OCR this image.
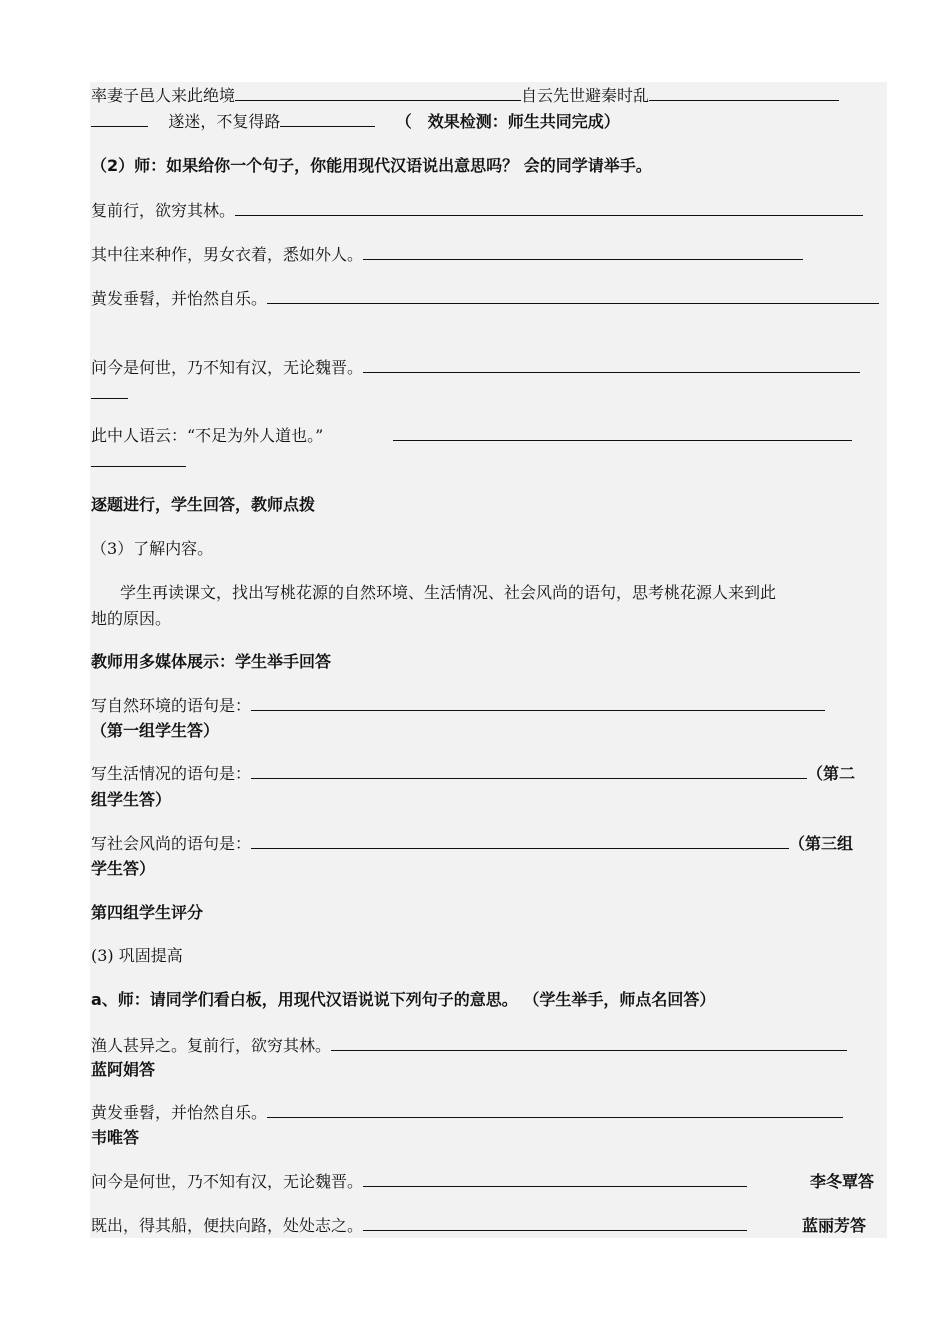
率妻子邑人来此绝境	自云先世避秦时乱
遂迷，不复得路	（　效果检测：师生共同完成）
（2）师：如果给你一个句子，你能用现代汉语说出意思吗？ 会的同学请举手。
复前行，欲穷其林。
其中往来种作，男女衣着，悉如外人。
黄发垂髫，并怡然自乐。
问今是何世，乃不知有汉，无论魏晋。
此中人语云：“不足为外人道也。”
逐题进行，学生回答，教师点拨
（3）了解内容。
学生再读课文，找出写桃花源的自然环境、生活情况、社会风尚的语句，思考桃花源人来到此
地的原因。
教师用多媒体展示：学生举手回答
写自然环境的语句是：
（第一组学生答）
写生活情况的语句是：	（第二
组学生答）
写社会风尚的语句是：	（第三组
学生答）
第四组学生评分
(3) 巩固提高
a、师：请同学们看白板，用现代汉语说说下列句子的意思。 （学生举手，师点名回答）
渔人甚异之。复前行，欲穷其林。
蓝阿娟答
黄发垂髫，并怡然自乐。
韦唯答
问今是何世，乃不知有汉，无论魏晋。	李冬覃答
既出，得其船，便扶向路，处处志之。	蓝丽芳答
